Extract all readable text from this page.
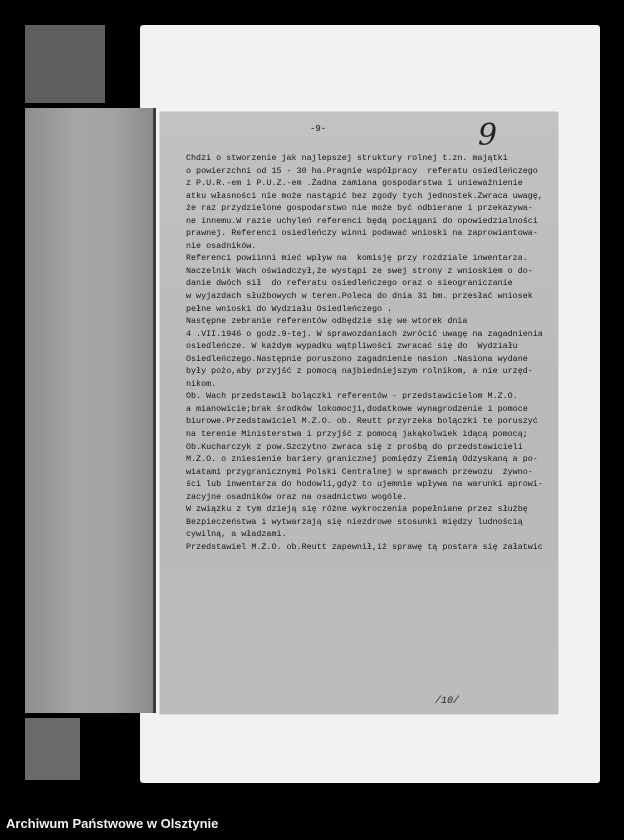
-9-	9
Chdzi o stworzenie jak najlepszej struktury rolnej t.zn. majątki
o powierzchni od 15 - 30 ha.Pragnie współpracy  referatu osiedleńczego
z P.U.R.-em i P.U.Z.-em .Żadna zamiana gospodarstwa i uniewaźnienie
atku własności nie może nastąpić bez zgody tych jednostek.Zwraca uwagę,
że raz przydzielone gospodarstwo nie może być odbierane i przekazywa-
ne innemu.W razie uchyleń referenci będą pociągani do opowiedzialności
prawnej. Referenci osiedleńczy winni podawać wnioski na zaprowiantowa-
nie osadników.
Referenci powiinni mieć wpływ na  komisję przy rozdziale inwentarza.
Naczelnik Wach oświadczył,że wystąpi ze swej strony z wnioskiem o do-
danie dwóch sił  do referatu osiedleńczego oraz o sieograniczanie
w wyjazdach służbowych w teren.Poleca do dnia 31 bm. przesłać wniosek
pełne wnioski do Wydziału Osiedleńczego .
Następne zebranie referentów odbędzie się we wtorek dnia
4 .VII.1946 o godz.9-tej. W sprawozdaniach zwrócić uwagę na zagadnienia
osiedleńcze. W każdym wypadku wątpliwości zwracać się do  Wydziału
Osiedleńczego.Następnie poruszono zagadnienie nasion .Nasiona wydane
były pożo,aby przyjść z pomocą najbiedniejszym rolnikom, a nie urzęd-
nikom.
Ob. Wach przedstawił bolączki referentów - przedstawicielom M.Z.O.
a mianowicie;brak środków lokomocji,dodatkowe wynagrodzenie i pomoce
biurowe.Przedstawiciel M.Z.O. ob. Reutt przyrzeka bolączki te poruszyć
na terenie Ministerstwa i przyjść z pomocą jakąkolwiek idącą pomocą;
Ob.Kucharczyk z pow.Szczytno zwraca się z prośbą do przedstawicieli
M.Z.O. o zniesienie bariery granicznej pomiędzy Ziemią Odzyskaną a po-
wiatami przygranicznymi Polski Centralnej w sprawach przewozu  żywno-
ści lub inwentarza do hodowli,gdyż to ujemnie wpływa na warunki aprowi-
zacyjne osadników oraz na osadnictwo wogóle.
W związku z tym dzieją się różne wykroczenia popełniane przez służbę
Bezpieczeństwa i wytwarzają się niezdrowe stosunki między ludnością
cywilną, a władzami.
Przedstawiel M.Z.O. ob.Reutt zapewnił,iż sprawę tą postara się załatwic
/10/
Archiwum Państwowe w Olsztynie
